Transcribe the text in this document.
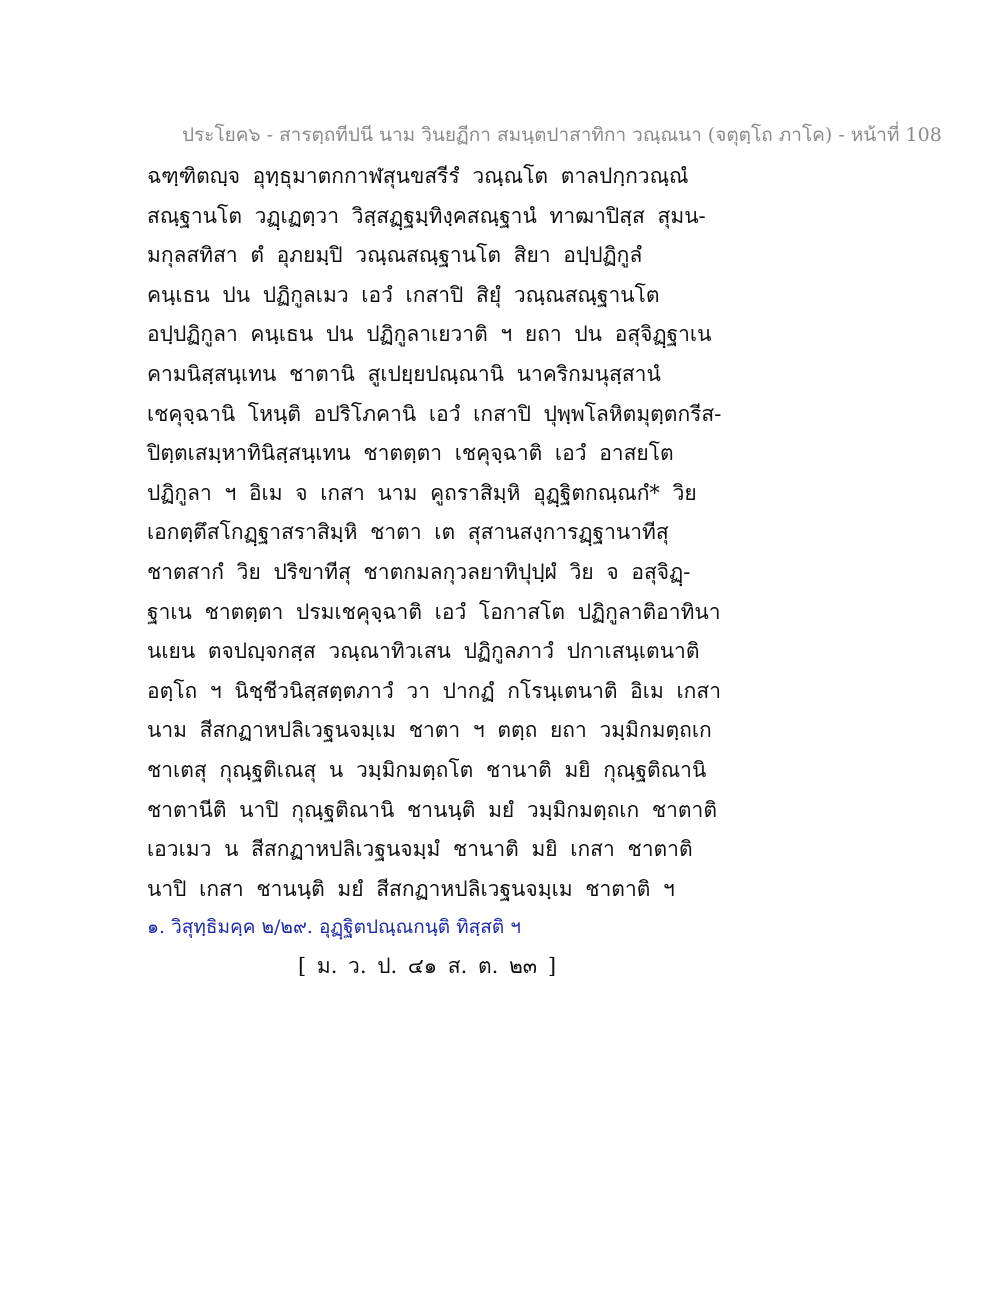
ประโยค๖ - สารตฺถทีปนี นาม วินยฏีกา สมนฺตปาสาทิกา วณฺณนา (จตุตฺโถ ภาโค) - หน้าที่ 108
ฉฑฺฑิตญฺจ อุทฺธุมาตกกาฬสุนขสรีรํ วณฺณโต ตาลปกฺกวณฺณํ
สณฺฐานโต วฏฺเฏตฺวา วิสฺสฏฺฐมฺทิงฺคสณฺฐานํ ทาฒาปิสฺส สุมน-
มกุลสทิสา ตํ อุภยมฺปิ วณฺณสณฺฐานโต สิยา อปฺปฏิกูลํ
คนฺเธน ปน ปฏิกูลเมว เอวํ เกสาปิ สิยุํ วณฺณสณฺฐานโต
อปฺปฏิกูลา คนฺเธน ปน ปฏิกูลาเยวาติ ฯ ยถา ปน อสุจิฏฺฐาเน
คามนิสฺสนฺเทน ชาตานิ สูเปยฺยปณฺณานิ นาคริกมนุสฺสานํ
เชคุจฺฉานิ โหนฺติ อปริโภคานิ เอวํ เกสาปิ ปุพฺพโลหิตมุตฺตกรีส-
ปิตฺตเสมฺหาทินิสฺสนฺเทน ชาตตฺตา เชคุจฺฉาติ เอวํ อาสยโต
ปฏิกูลา ฯ อิเม จ เกสา นาม คูถราสิมฺหิ อุฏฺฐิตกณฺณกํ* วิย
เอกตฺตึสโกฏฺฐาสราสิมฺหิ ชาตา เต สุสานสงฺการฏฺฐานาทีสุ
ชาตสากํ วิย ปริขาทีสุ ชาตกมลกุวลยาทิปุปฺผํ วิย จ อสุจิฏฺ-
ฐาเน ชาตตฺตา ปรมเชคุจฺฉาติ เอวํ โอกาสโต ปฏิกูลาติอาทินา
นเยน ตจปญฺจกสฺส วณฺณาทิวเสน ปฏิกูลภาวํ ปกาเสนฺเตนาติ
อตฺโถ ฯ นิชฺชีวนิสฺสตฺตภาวํ วา ปากฏํ กโรนฺเตนาติ อิเม เกสา
นาม สีสกฏาหปลิเวฐนจมฺเม ชาตา ฯ ตตฺถ ยถา วมฺมิกมตฺถเก
ชาเตสุ กุณฺฐติเณสุ น วมฺมิกมตฺถโต ชานาติ มยิ กุณฺฐติณานิ
ชาตานีติ นาปิ กุณฺฐติณานิ ชานนฺติ มยํ วมฺมิกมตฺถเก ชาตาติ
เอวเมว น สีสกฏาหปลิเวฐนจมฺมํ ชานาติ มยิ เกสา ชาตาติ
นาปิ เกสา ชานนฺติ มยํ สีสกฏาหปลิเวฐนจมฺเม ชาตาติ ฯ
๑. วิสุทฺธิมคฺค ๒/๒๙. อุฏฺฐิตปณฺณกนฺติ ทิสฺสติ ฯ
[ ม. ว. ป. ๔๑ ส. ต. ๒๓ ]
